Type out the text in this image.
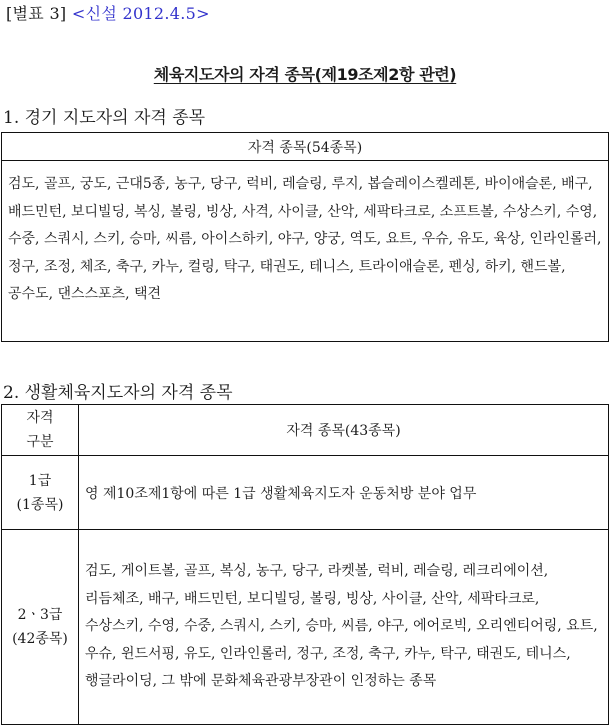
[별표 3] <신설 2012.4.5>
체육지도자의 자격 종목(제19조제2항 관련)
1. 경기 지도자의 자격 종목
자격 종목(54종목)
검도, 골프, 궁도, 근대5종, 농구, 당구, 럭비, 레슬링, 루지, 봅슬레이스켈레톤, 바이애슬론, 배구, 배드민턴, 보디빌딩, 복싱, 볼링, 빙상, 사격, 사이클, 산악, 세팍타크로, 소프트볼, 수상스키, 수영, 수중, 스쿼시, 스키, 승마, 씨름, 아이스하키, 야구, 양궁, 역도, 요트, 우슈, 유도, 육상, 인라인롤러, 정구, 조정, 체조, 축구, 카누, 컬링, 탁구, 태권도, 테니스, 트라이애슬론, 펜싱, 하키, 핸드볼, 공수도, 댄스스포츠, 택견
2. 생활체육지도자의 자격 종목
자격
구분	자격 종목(43종목)

1급
(1종목)	영 제10조제1항에 따른 1급 생활체육지도자 운동처방 분야 업무

2ㆍ3급
(42종목)	검도, 게이트볼, 골프, 복싱, 농구, 당구, 라켓볼, 럭비, 레슬링, 레크리에이션, 리듬체조, 배구, 배드민턴, 보디빌딩, 볼링, 빙상, 사이클, 산악, 세팍타크로, 수상스키, 수영, 수중, 스쿼시, 스키, 승마, 씨름, 야구, 에어로빅, 오리엔티어링, 요트, 우슈, 윈드서핑, 유도, 인라인롤러, 정구, 조정, 축구, 카누, 탁구, 태권도, 테니스, 행글라이딩, 그 밖에 문화체육관광부장관이 인정하는 종목
